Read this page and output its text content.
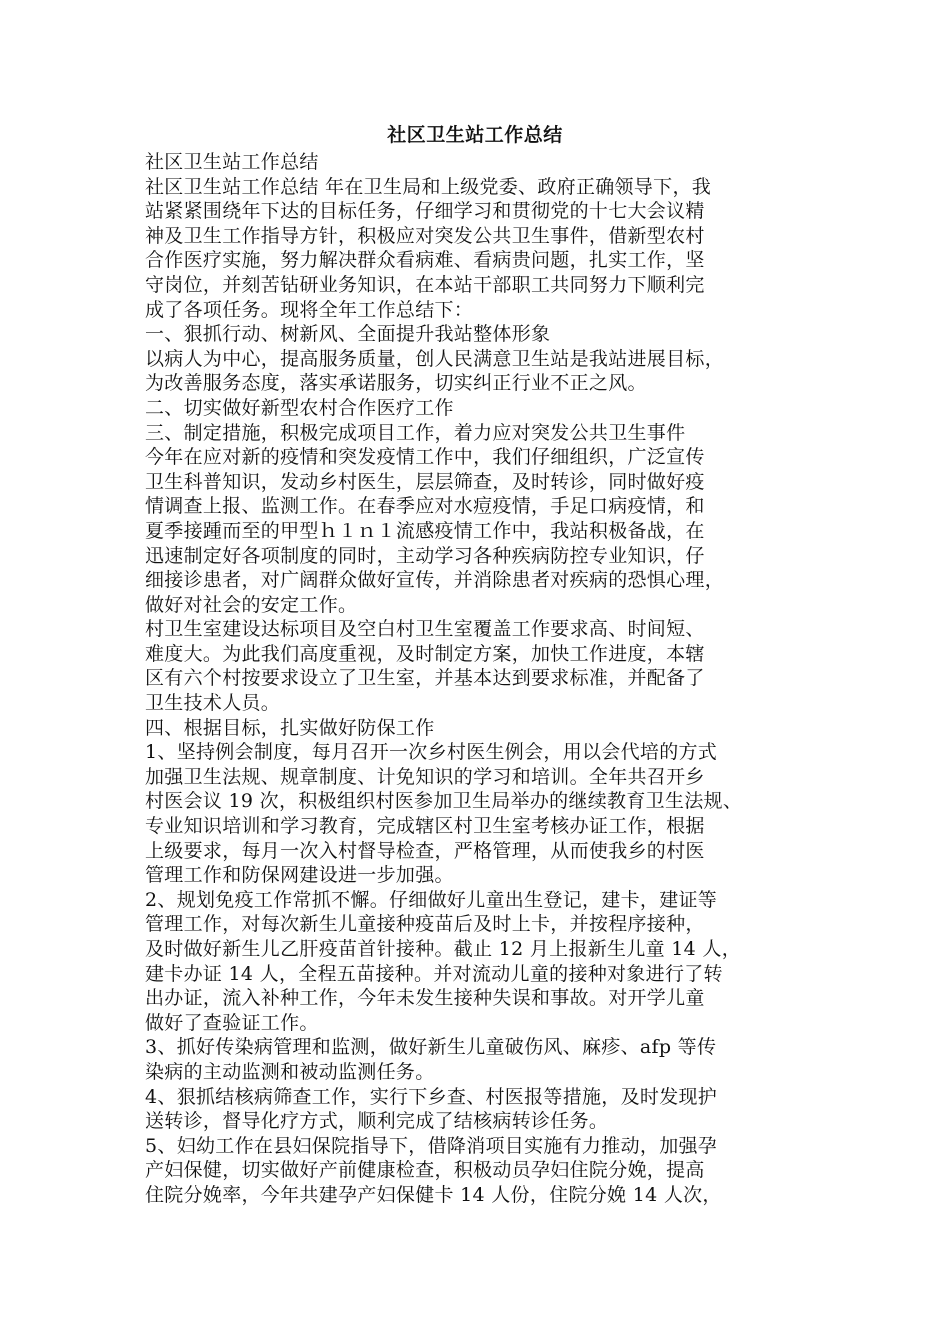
社区卫生站工作总结
社区卫生站工作总结
社区卫生站工作总结 年在卫生局和上级党委、政府正确领导下，我
站紧紧围绕年下达的目标任务，仔细学习和贯彻党的十七大会议精
神及卫生工作指导方针，积极应对突发公共卫生事件，借新型农村
合作医疗实施，努力解决群众看病难、看病贵问题，扎实工作，坚
守岗位，并刻苦钻研业务知识，在本站干部职工共同努力下顺利完
成了各项任务。现将全年工作总结下：
一、狠抓行动、树新风、全面提升我站整体形象
以病人为中心，提高服务质量，创人民满意卫生站是我站进展目标，
为改善服务态度，落实承诺服务，切实纠正行业不正之风。
二、切实做好新型农村合作医疗工作
三、制定措施，积极完成项目工作，着力应对突发公共卫生事件
今年在应对新的疫情和突发疫情工作中，我们仔细组织，广泛宣传
卫生科普知识，发动乡村医生，层层筛查，及时转诊，同时做好疫
情调查上报、监测工作。在春季应对水痘疫情，手足口病疫情，和
夏季接踵而至的甲型ｈ１ｎ１流感疫情工作中，我站积极备战，在
迅速制定好各项制度的同时，主动学习各种疾病防控专业知识，仔
细接诊患者，对广阔群众做好宣传，并消除患者对疾病的恐惧心理，
做好对社会的安定工作。
村卫生室建设达标项目及空白村卫生室覆盖工作要求高、时间短、
难度大。为此我们高度重视，及时制定方案，加快工作进度，本辖
区有六个村按要求设立了卫生室，并基本达到要求标准，并配备了
卫生技术人员。
四、根据目标，扎实做好防保工作
1、坚持例会制度，每月召开一次乡村医生例会，用以会代培的方式
加强卫生法规、规章制度、计免知识的学习和培训。全年共召开乡
村医会议 19 次，积极组织村医参加卫生局举办的继续教育卫生法规、
专业知识培训和学习教育，完成辖区村卫生室考核办证工作，根据
上级要求，每月一次入村督导检查，严格管理，从而使我乡的村医
管理工作和防保网建设进一步加强。
2、规划免疫工作常抓不懈。仔细做好儿童出生登记，建卡，建证等
管理工作，对每次新生儿童接种疫苗后及时上卡，并按程序接种，
及时做好新生儿乙肝疫苗首针接种。截止 12 月上报新生儿童 14 人，
建卡办证 14 人，全程五苗接种。并对流动儿童的接种对象进行了转
出办证，流入补种工作，今年未发生接种失误和事故。对开学儿童
做好了查验证工作。
3、抓好传染病管理和监测，做好新生儿童破伤风、麻疹、afp 等传
染病的主动监测和被动监测任务。
4、狠抓结核病筛查工作，实行下乡查、村医报等措施，及时发现护
送转诊，督导化疗方式，顺利完成了结核病转诊任务。
5、妇幼工作在县妇保院指导下，借降消项目实施有力推动，加强孕
产妇保健，切实做好产前健康检查，积极动员孕妇住院分娩，提高
住院分娩率，今年共建孕产妇保健卡 14 人份，住院分娩 14 人次，
